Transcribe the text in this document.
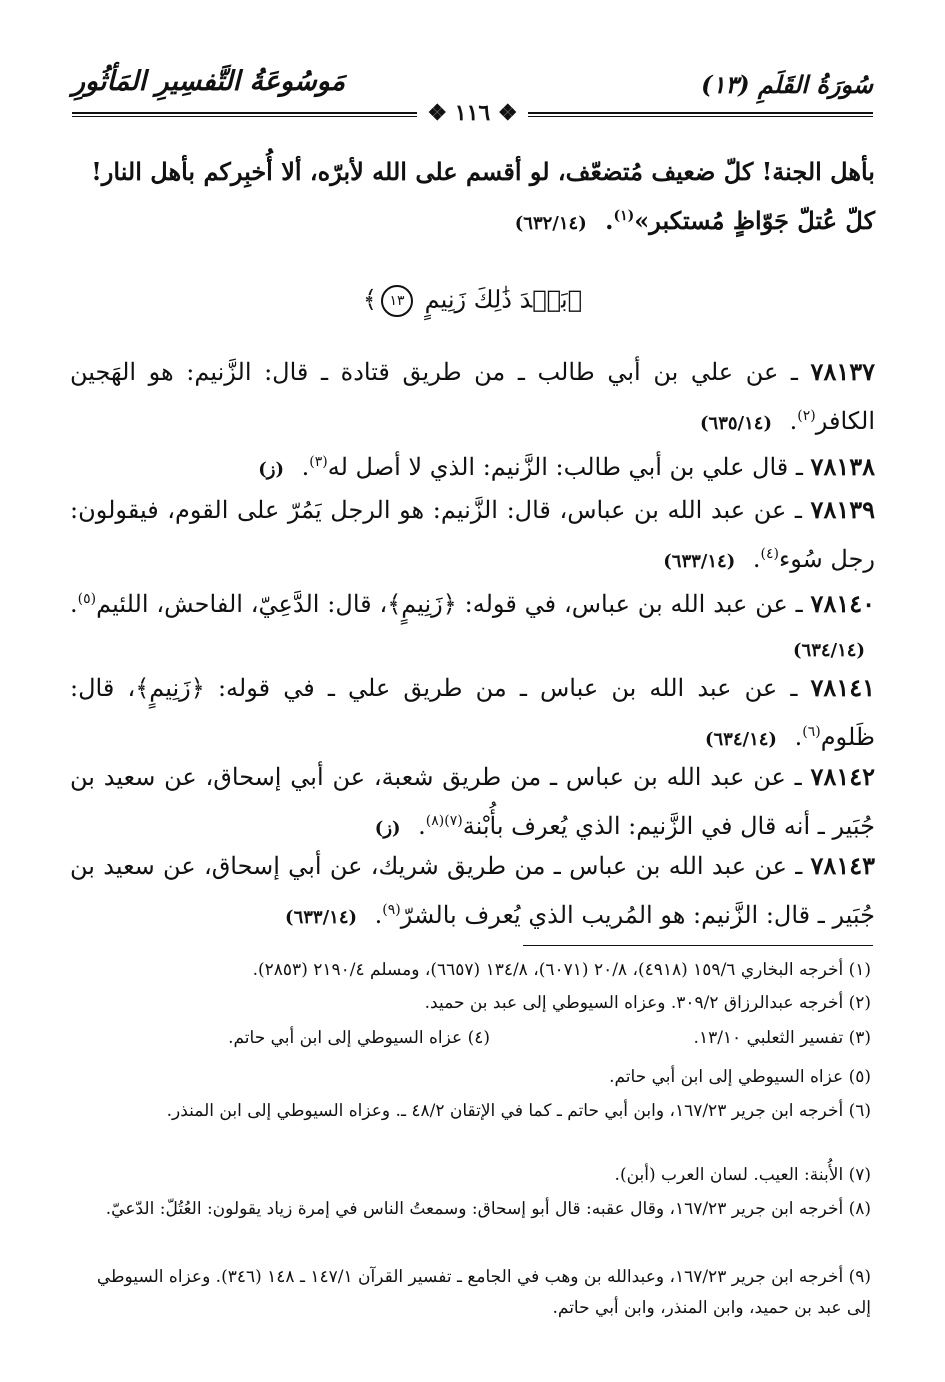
سُورَةُ القَلَمِ (١٣)
مَوسُوعَةُ التَّفسِيرِ المَأثُورِ
❖ ١١٦ ❖
بأهل الجنة! كلّ ضعيف مُتضعّف، لو أقسم على الله لأبرّه، ألا أُخبِركم بأهل النار!
كلّ عُتلّ جَوّاظٍ مُستكبر»$^{(١)}$. (٦٣٢/١٤)
﴿بَعۡدَ ذَٰلِكَ زَنِيمٍ ١٣﴾
٧٨١٣٧ ـ عن علي بن أبي طالب ـ من طريق قتادة ـ قال: الزَّنيم: هو الهَجين الكافر$^{(٢)}$. (٦٣٥/١٤)
٧٨١٣٨ ـ قال علي بن أبي طالب: الزَّنيم: الذي لا أصل له$^{(٣)}$. (ز)
٧٨١٣٩ ـ عن عبد الله بن عباس، قال: الزَّنيم: هو الرجل يَمُرّ على القوم، فيقولون: رجل سُوء$^{(٤)}$. (٦٣٣/١٤)
٧٨١٤٠ ـ عن عبد الله بن عباس، في قوله: ﴿زَنِيمٍ﴾، قال: الدَّعِيّ، الفاحش، اللئيم$^{(٥)}$. (٦٣٤/١٤)
٧٨١٤١ ـ عن عبد الله بن عباس ـ من طريق علي ـ في قوله: ﴿زَنِيمٍ﴾، قال: ظَلوم$^{(٦)}$. (٦٣٤/١٤)
٧٨١٤٢ ـ عن عبد الله بن عباس ـ من طريق شعبة، عن أبي إسحاق، عن سعيد بن جُبَير ـ أنه قال في الزَّنيم: الذي يُعرف بأُبْنة$^{(٧)(٨)}$. (ز)
٧٨١٤٣ ـ عن عبد الله بن عباس ـ من طريق شريك، عن أبي إسحاق، عن سعيد بن جُبَير ـ قال: الزَّنيم: هو المُريب الذي يُعرف بالشرّ$^{(٩)}$. (٦٣٣/١٤)
(١) أخرجه البخاري ١٥٩/٦ (٤٩١٨)، ٢٠/٨ (٦٠٧١)، ١٣٤/٨ (٦٦٥٧)، ومسلم ٢١٩٠/٤ (٢٨٥٣).
(٢) أخرجه عبدالرزاق ٣٠٩/٢. وعزاه السيوطي إلى عبد بن حميد.
(٣) تفسير الثعلبي ١٣/١٠.
(٤) عزاه السيوطي إلى ابن أبي حاتم.
(٥) عزاه السيوطي إلى ابن أبي حاتم.
(٦) أخرجه ابن جرير ١٦٧/٢٣، وابن أبي حاتم ـ كما في الإتقان ٤٨/٢ ـ. وعزاه السيوطي إلى ابن المنذر.
(٧) الأُبنة: العيب. لسان العرب (أبن).
(٨) أخرجه ابن جرير ١٦٧/٢٣، وقال عقبه: قال أبو إسحاق: وسمعتُ الناس في إمرة زياد يقولون: العُتُلّ: الدّعيّ.
(٩) أخرجه ابن جرير ١٦٧/٢٣، وعبدالله بن وهب في الجامع ـ تفسير القرآن ١٤٧/١ ـ ١٤٨ (٣٤٦). وعزاه السيوطي إلى عبد بن حميد، وابن المنذر، وابن أبي حاتم.
